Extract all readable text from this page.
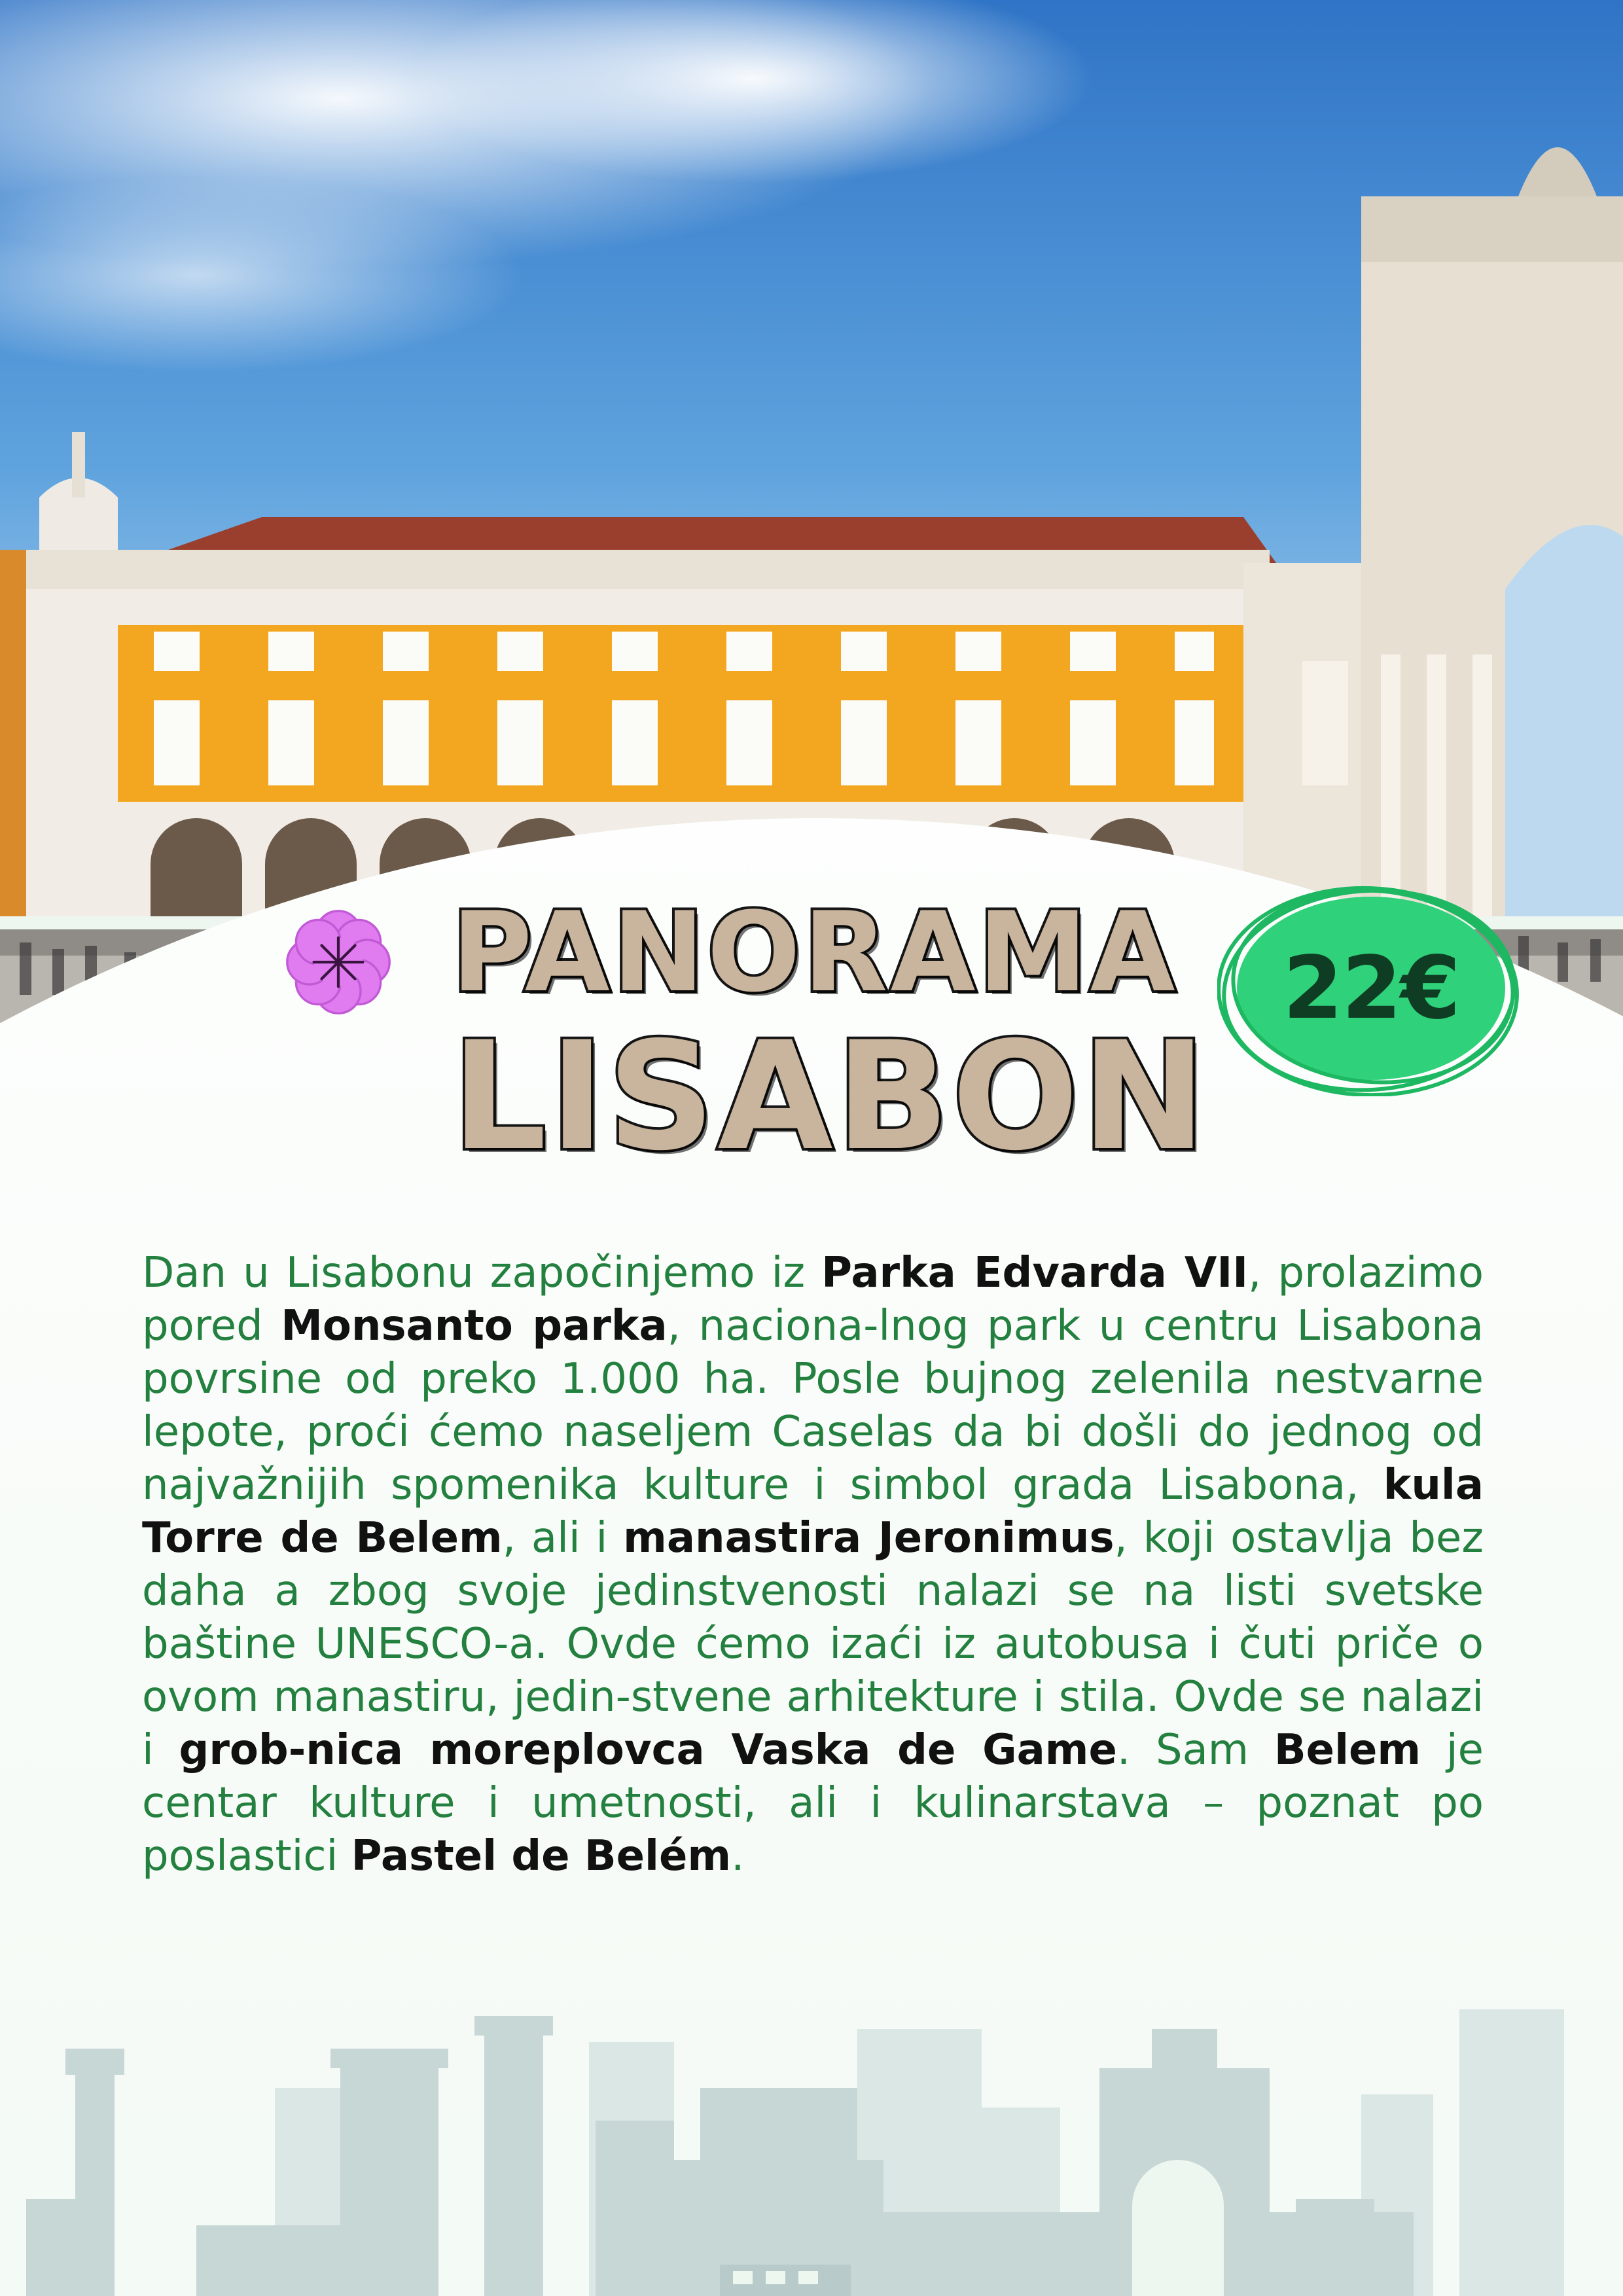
PANORAMA
LISABON
22€
Dan u Lisabonu započinjemo iz Parka Edvarda VII, prolazimo pored Monsanto parka, naciona-lnog park u centru Lisabona povrsine od preko 1.000 ha. Posle bujnog zelenila nestvarne lepote, proći ćemo naseljem Caselas da bi došli do jednog od najvažnijih spomenika kulture i simbol grada Lisabona, kula Torre de Belem, ali i manastira Jeronimus, koji ostavlja bez daha a zbog svoje jedinstvenosti nalazi se na listi svetske baštine UNESCO-a. Ovde ćemo izaći iz autobusa i čuti priče o ovom manastiru, jedin-stvene arhitekture i stila. Ovde se nalazi i grob-nica moreplovca Vaska de Game. Sam Belem je centar kulture i umetnosti, ali i kulinarstava – poznat po poslastici Pastel de Belém.
